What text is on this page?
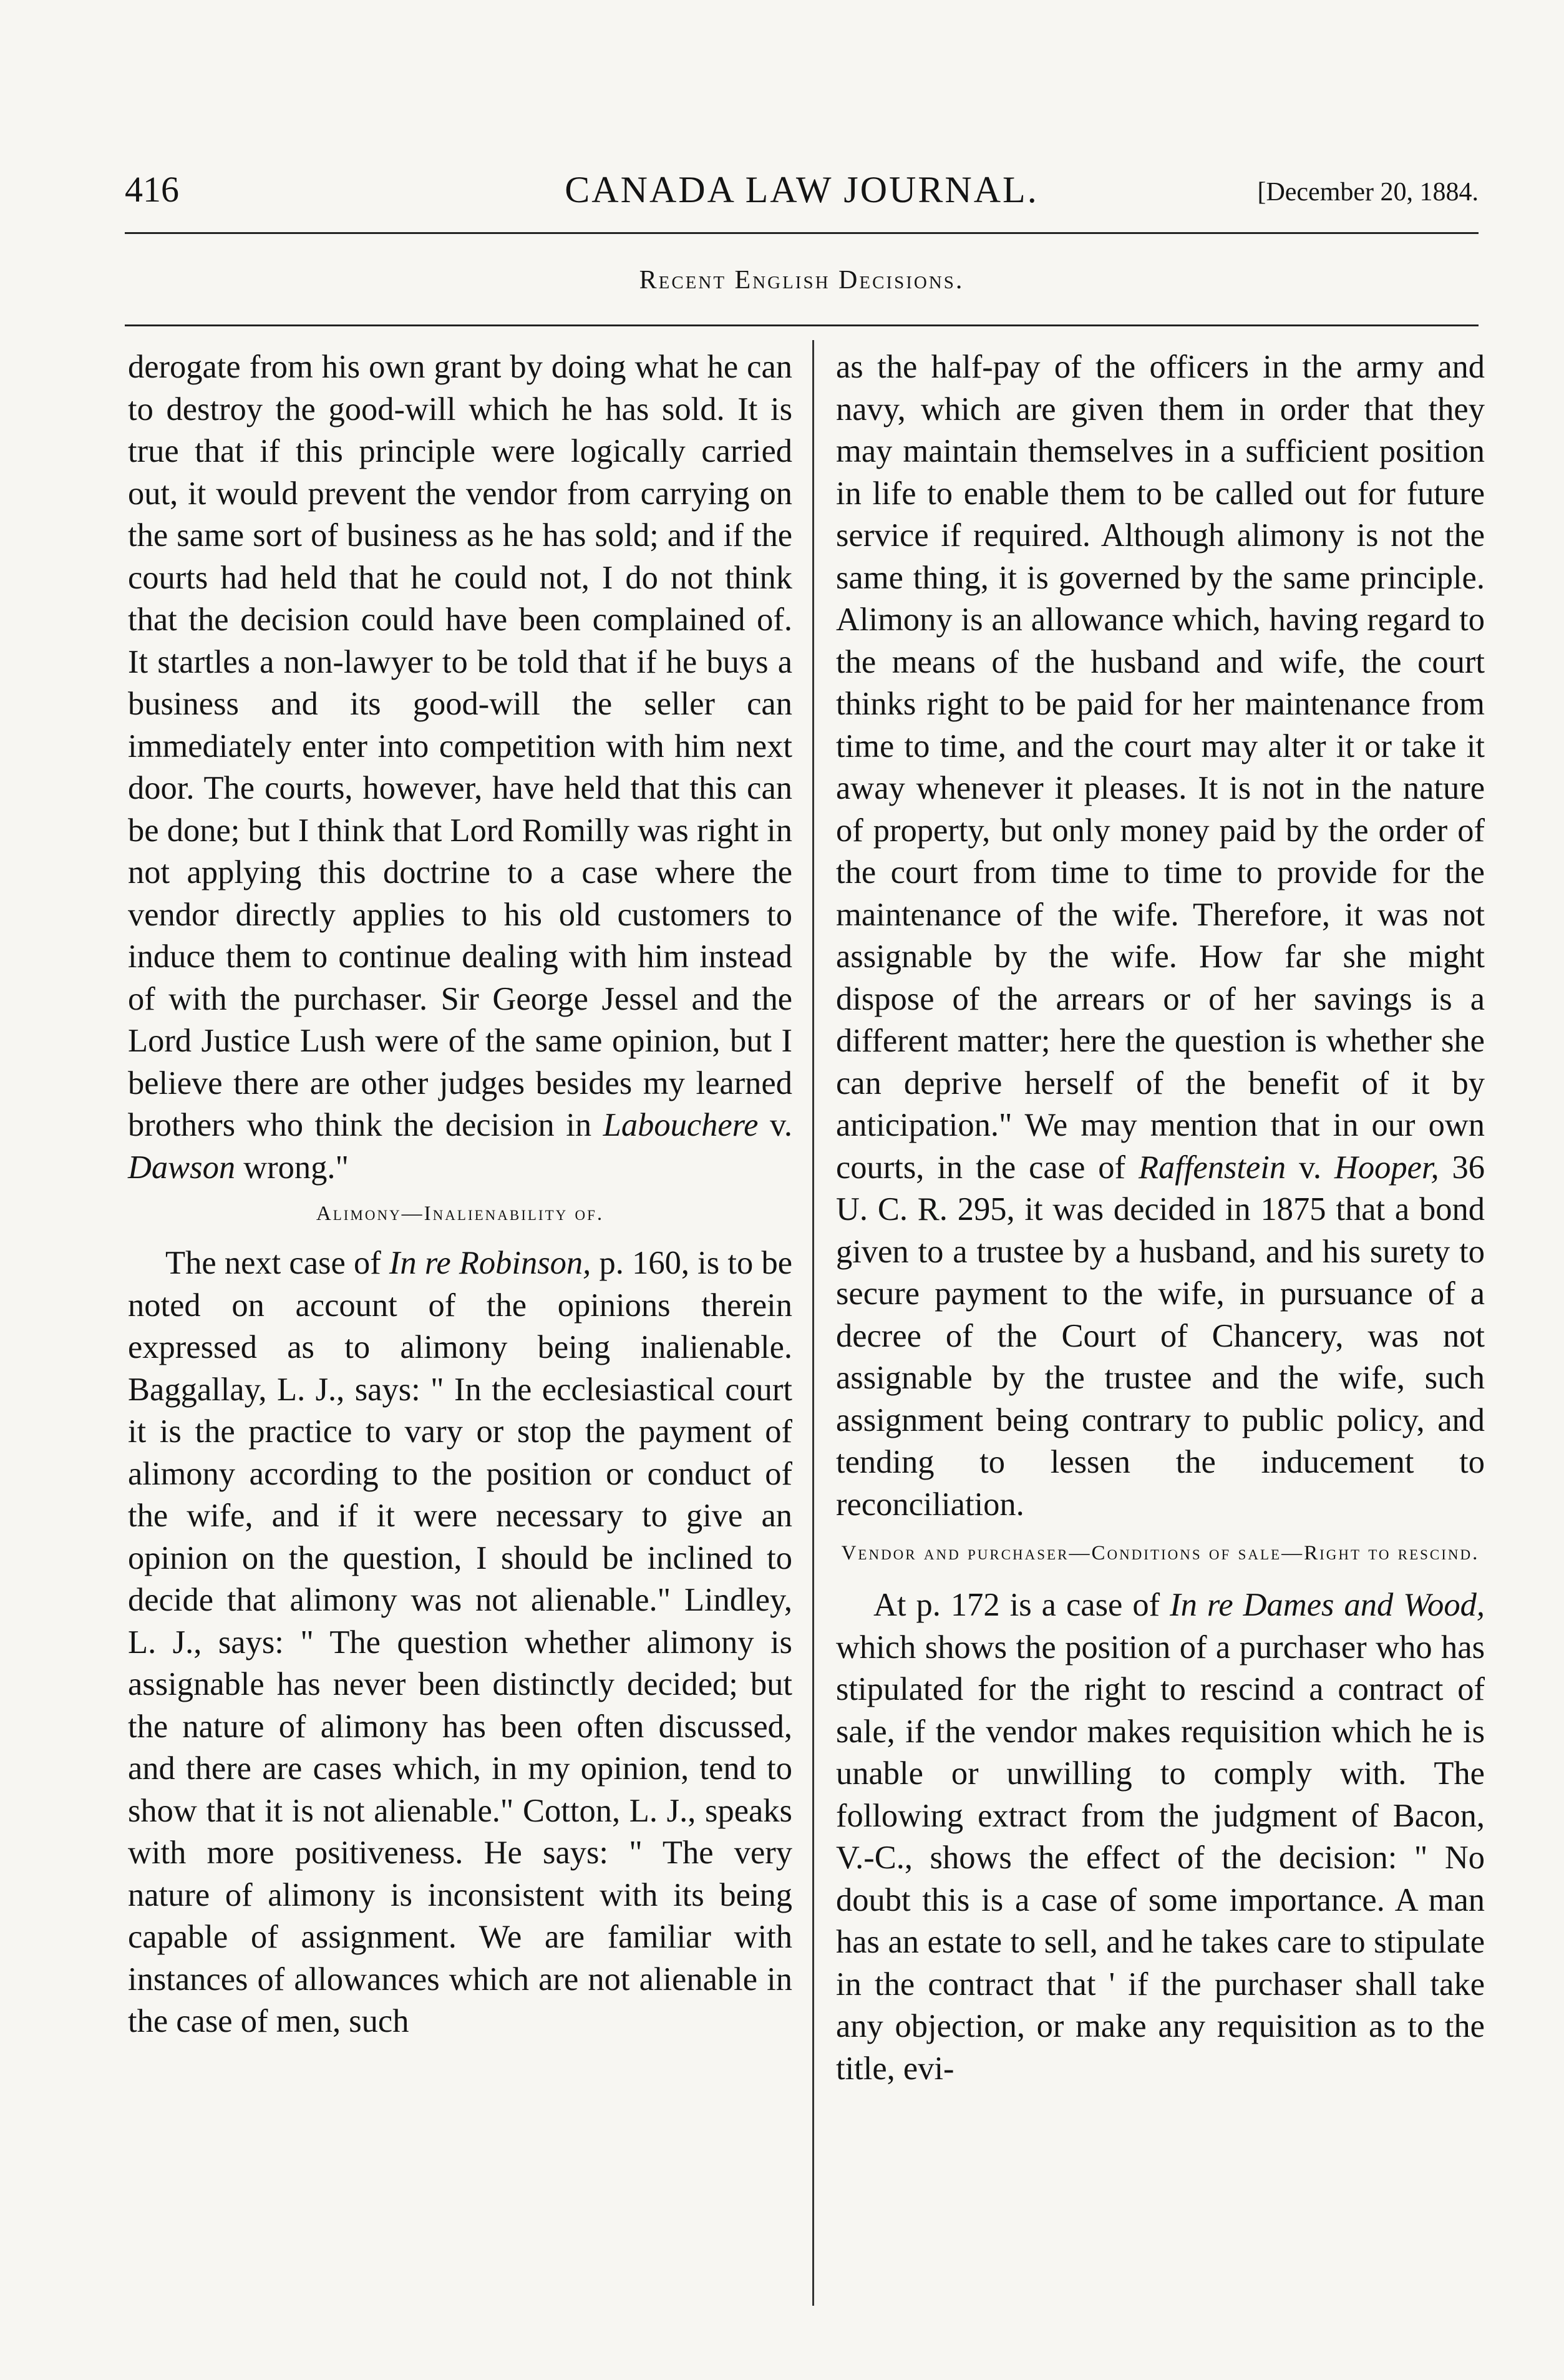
416	CANADA LAW JOURNAL.	[December 20, 1884.
Recent English Decisions.

derogate from his own grant by doing what he can to destroy the good-will which he has sold. It is true that if this principle were logically carried out, it would prevent the vendor from carrying on the same sort of business as he has sold; and if the courts had held that he could not, I do not think that the decision could have been complained of. It startles a non-lawyer to be told that if he buys a business and its good-will the seller can immediately enter into competition with him next door. The courts, however, have held that this can be done; but I think that Lord Romilly was right in not applying this doctrine to a case where the vendor directly applies to his old customers to induce them to continue dealing with him instead of with the purchaser. Sir George Jessel and the Lord Justice Lush were of the same opinion, but I believe there are other judges besides my learned brothers who think the decision in Labouchere v. Dawson wrong."

Alimony—Inalienability of.

The next case of In re Robinson, p. 160, is to be noted on account of the opinions therein expressed as to alimony being inalienable. Baggallay, L. J., says: " In the ecclesiastical court it is the practice to vary or stop the payment of alimony according to the position or conduct of the wife, and if it were necessary to give an opinion on the question, I should be inclined to decide that alimony was not alienable." Lindley, L. J., says: " The question whether alimony is assignable has never been distinctly decided; but the nature of alimony has been often discussed, and there are cases which, in my opinion, tend to show that it is not alienable." Cotton, L. J., speaks with more positiveness. He says: " The very nature of alimony is inconsistent with its being capable of assignment. We are familiar with instances of allowances which are not alienable in the case of men, such

as the half-pay of the officers in the army and navy, which are given them in order that they may maintain themselves in a sufficient position in life to enable them to be called out for future service if required. Although alimony is not the same thing, it is governed by the same principle. Alimony is an allowance which, having regard to the means of the husband and wife, the court thinks right to be paid for her maintenance from time to time, and the court may alter it or take it away whenever it pleases. It is not in the nature of property, but only money paid by the order of the court from time to time to provide for the maintenance of the wife. Therefore, it was not assignable by the wife. How far she might dispose of the arrears or of her savings is a different matter; here the question is whether she can deprive herself of the benefit of it by anticipation." We may mention that in our own courts, in the case of Raffenstein v. Hooper, 36 U. C. R. 295, it was decided in 1875 that a bond given to a trustee by a husband, and his surety to secure payment to the wife, in pursuance of a decree of the Court of Chancery, was not assignable by the trustee and the wife, such assignment being contrary to public policy, and tending to lessen the inducement to reconciliation.

Vendor and purchaser—Conditions of sale—Right to rescind.

At p. 172 is a case of In re Dames and Wood, which shows the position of a purchaser who has stipulated for the right to rescind a contract of sale, if the vendor makes requisition which he is unable or unwilling to comply with. The following extract from the judgment of Bacon, V.-C., shows the effect of the decision: " No doubt this is a case of some importance. A man has an estate to sell, and he takes care to stipulate in the contract that ' if the purchaser shall take any objection, or make any requisition as to the title, evi-
